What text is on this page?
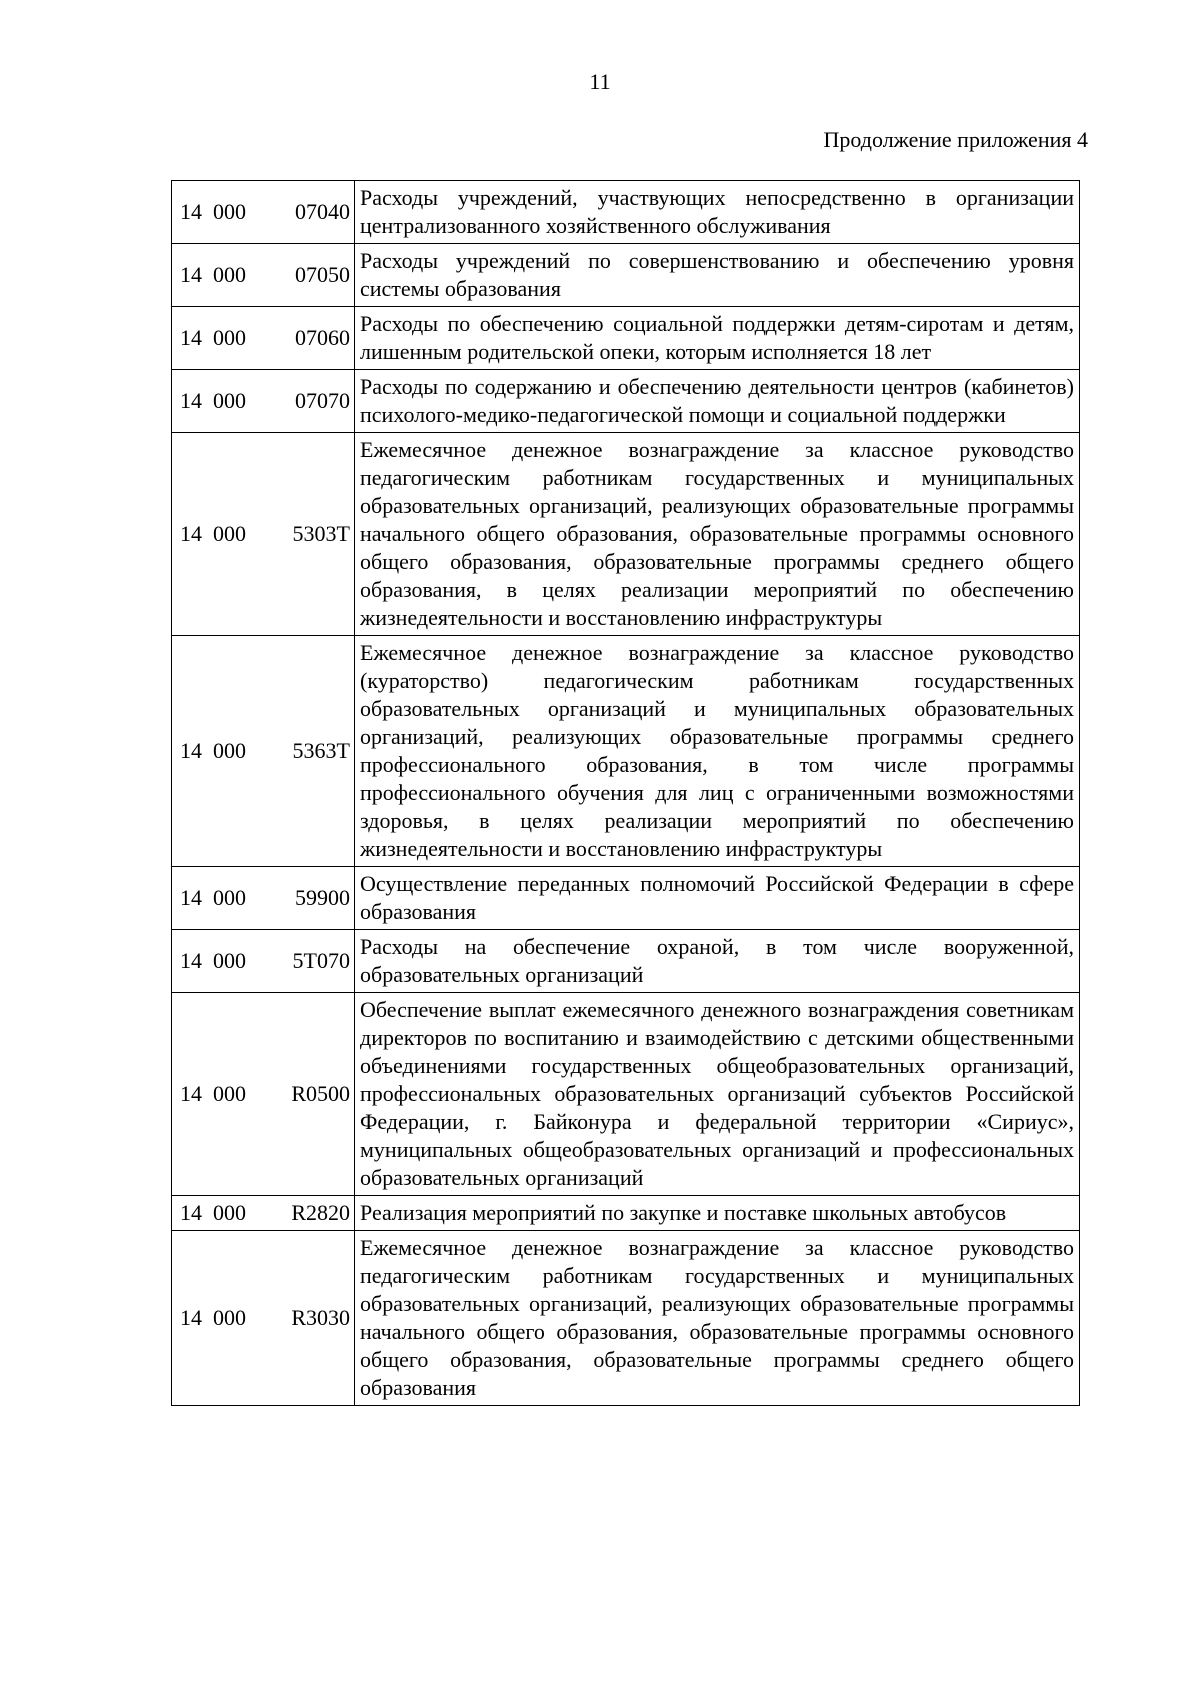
11
Продолжение приложения 4
14  000 07040	Расходы учреждений, участвующих непосредственно в организации централизованного хозяйственного обслуживания

14  000 07050	Расходы учреждений по совершенствованию и обеспечению уровня системы образования

14  000 07060	Расходы по обеспечению социальной поддержки детям-сиротам и детям, лишенным родительской опеки, которым исполняется 18 лет

14  000 07070	Расходы по содержанию и обеспечению деятельности центров (кабинетов) психолого-медико-педагогической помощи и социальной поддержки

14  000 5303Т	Ежемесячное денежное вознаграждение за классное руководство педагогическим работникам государственных и муниципальных образовательных организаций, реализующих образовательные программы начального общего образования, образовательные программы основного общего образования, образовательные программы среднего общего образования, в целях реализации мероприятий по обеспечению жизнедеятельности и восстановлению инфраструктуры

14  000 5363Т	Ежемесячное денежное вознаграждение за классное руководство (кураторство) педагогическим работникам государственных образовательных организаций и муниципальных образовательных организаций, реализующих образовательные программы среднего профессионального образования, в том числе программы профессионального обучения для лиц с ограниченными возможностями здоровья, в целях реализации мероприятий по обеспечению жизнедеятельности и восстановлению инфраструктуры

14  000 59900	Осуществление переданных полномочий Российской Федерации в сфере образования

14  000 5Т070	Расходы на обеспечение охраной, в том числе вооруженной, образовательных организаций

14  000 R0500	Обеспечение выплат ежемесячного денежного вознаграждения советникам директоров по воспитанию и взаимодействию с детскими общественными объединениями государственных общеобразовательных организаций, профессиональных образовательных организаций субъектов Российской Федерации, г. Байконура и федеральной территории «Сириус», муниципальных общеобразовательных организаций и профессиональных образовательных организаций

14  000 R2820	Реализация мероприятий по закупке и поставке школьных автобусов

14  000 R3030	Ежемесячное денежное вознаграждение за классное руководство педагогическим работникам государственных и муниципальных образовательных организаций, реализующих образовательные программы начального общего образования, образовательные программы основного общего образования, образовательные программы среднего общего образования
